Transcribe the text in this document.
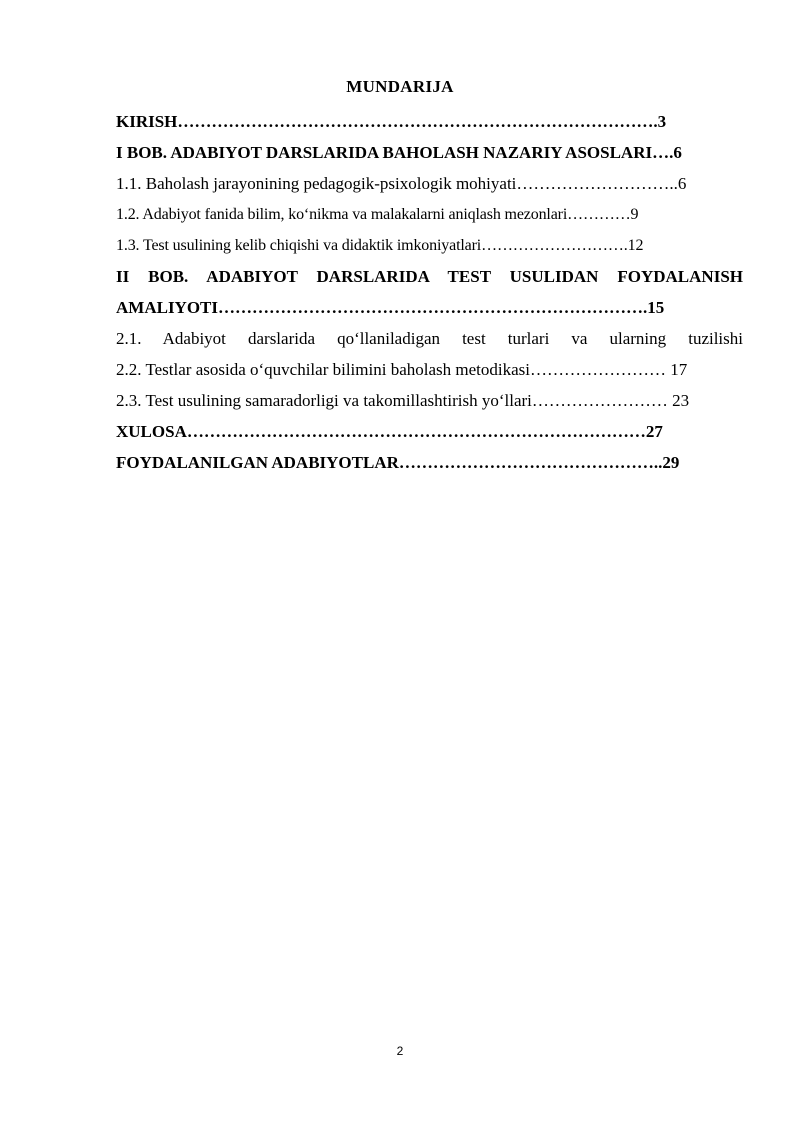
MUNDARIJA

KIRISH………………………………………………………………………….3

I BOB. ADABIYOT DARSLARIDA BAHOLASH NAZARIY ASOSLARI….6

1.1. Baholash jarayonining pedagogik-psixologik mohiyati………………………..6

1.2. Adabiyot fanida bilim, ko‘nikma va malakalarni aniqlash mezonlari…………9

1.3. Test usulining kelib chiqishi va didaktik imkoniyatlari……………………….12

II BOB. ADABIYOT DARSLARIDA TEST USULIDAN FOYDALANISH AMALIYOTI………………………………………………………………….15

2.1. Adabiyot darslarida qo‘llaniladigan test turlari va ularning tuzilishi

2.2. Testlar asosida o‘quvchilar bilimini baholash metodikasi…………………… 17

2.3. Test usulining samaradorligi va takomillashtirish yo‘llari…………………… 23

XULOSA………………………………………………………………………27

FOYDALANILGAN ADABIYOTLAR………………………………………..29

2
